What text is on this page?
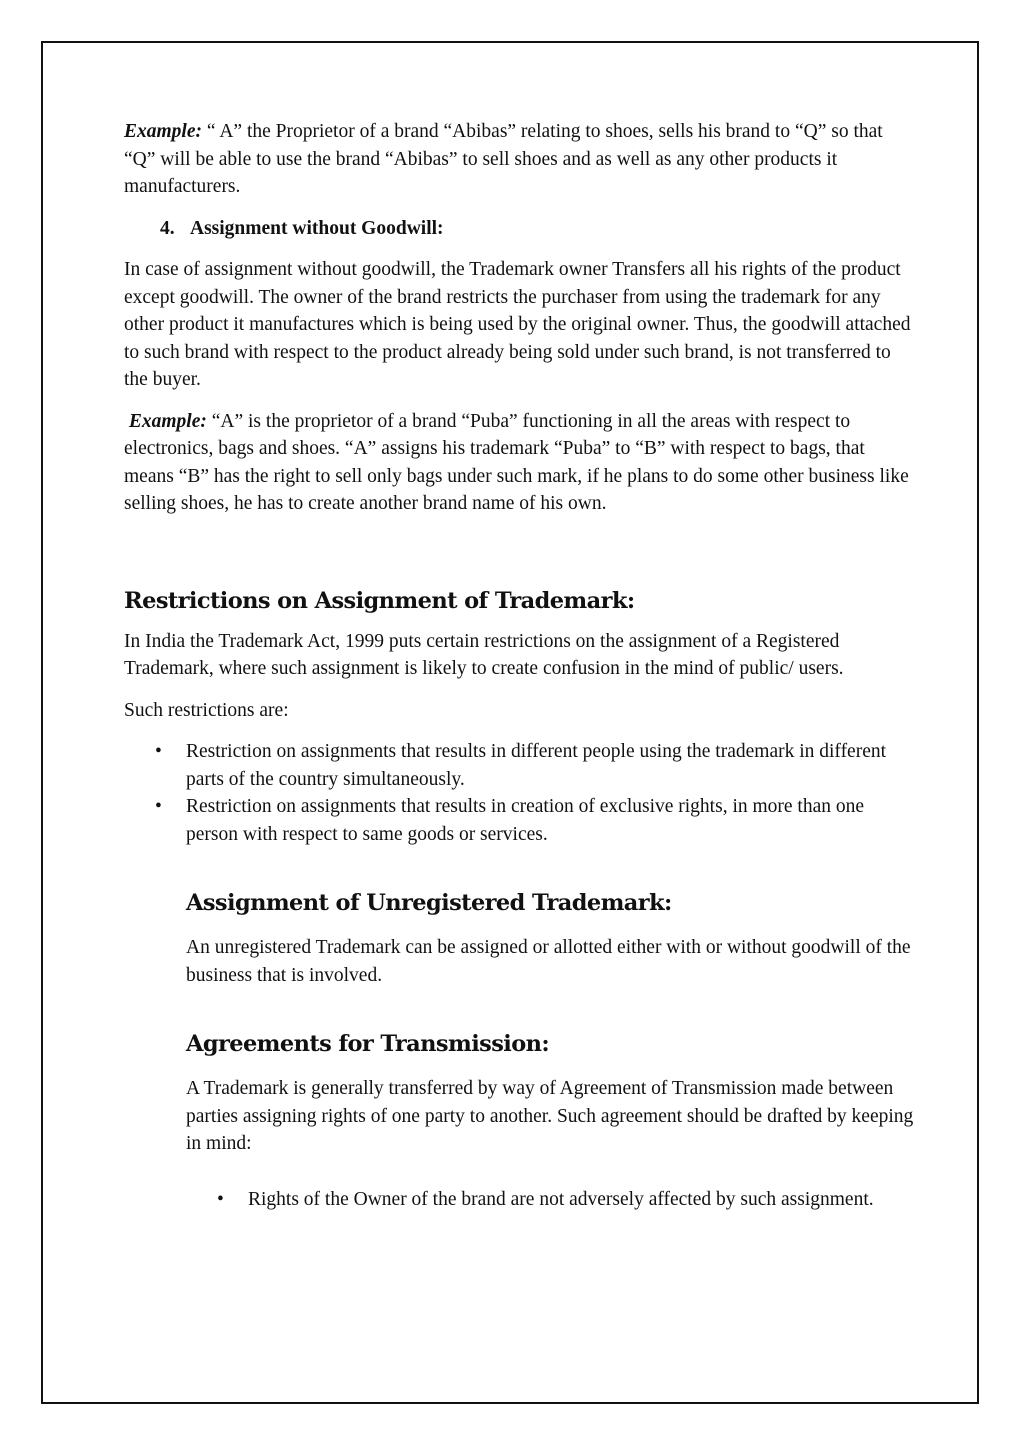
Example: “ A” the Proprietor of a brand “Abibas” relating to shoes, sells his brand to “Q” so that “Q” will be able to use the brand “Abibas” to sell shoes and as well as any other products it manufacturers.

4. Assignment without Goodwill:

In case of assignment without goodwill, the Trademark owner Transfers all his rights of the product except goodwill. The owner of the brand restricts the purchaser from using the trademark for any other product it manufactures which is being used by the original owner. Thus, the goodwill attached to such brand with respect to the product already being sold under such brand, is not transferred to the buyer.

Example: “A” is the proprietor of a brand “Puba” functioning in all the areas with respect to electronics, bags and shoes. “A” assigns his trademark “Puba” to “B” with respect to bags, that means “B” has the right to sell only bags under such mark, if he plans to do some other business like selling shoes, he has to create another brand name of his own.

Restrictions on Assignment of Trademark:

In India the Trademark Act, 1999 puts certain restrictions on the assignment of a Registered Trademark, where such assignment is likely to create confusion in the mind of public/ users.

Such restrictions are:

• Restriction on assignments that results in different people using the trademark in different parts of the country simultaneously.
• Restriction on assignments that results in creation of exclusive rights, in more than one person with respect to same goods or services.
Assignment of Unregistered Trademark:

An unregistered Trademark can be assigned or allotted either with or without goodwill of the business that is involved.

Agreements for Transmission:

A Trademark is generally transferred by way of Agreement of Transmission made between parties assigning rights of one party to another. Such agreement should be drafted by keeping in mind:

• Rights of the Owner of the brand are not adversely affected by such assignment.
